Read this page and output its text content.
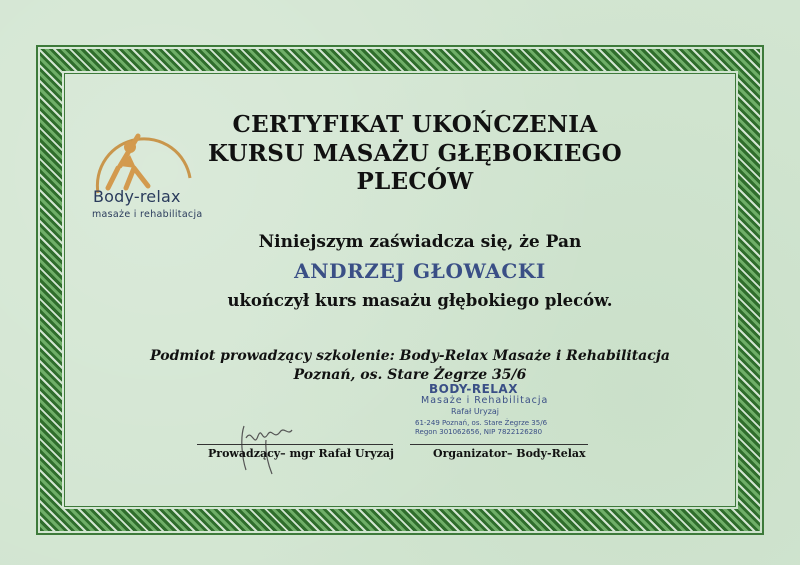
Body-relax
masaże i rehabilitacja
CERTYFIKAT UKOŃCZENIA
KURSU MASAŻU GŁĘBOKIEGO
PLECÓW
Niniejszym zaświadcza się, że Pan
ANDRZEJ GŁOWACKI
ukończył kurs masażu głębokiego pleców.
Podmiot prowadzący szkolenie: Body-Relax Masaże i Rehabilitacja
Poznań, os. Stare Żegrze 35/6
BODY-RELAX
Masaże i Rehabilitacja
Rafał Uryzaj
61-249 Poznań, os. Stare Żegrze 35/6
Regon 301062656, NIP 7822126280
Prowadzący– mgr Rafał Uryzaj	Organizator– Body-Relax
